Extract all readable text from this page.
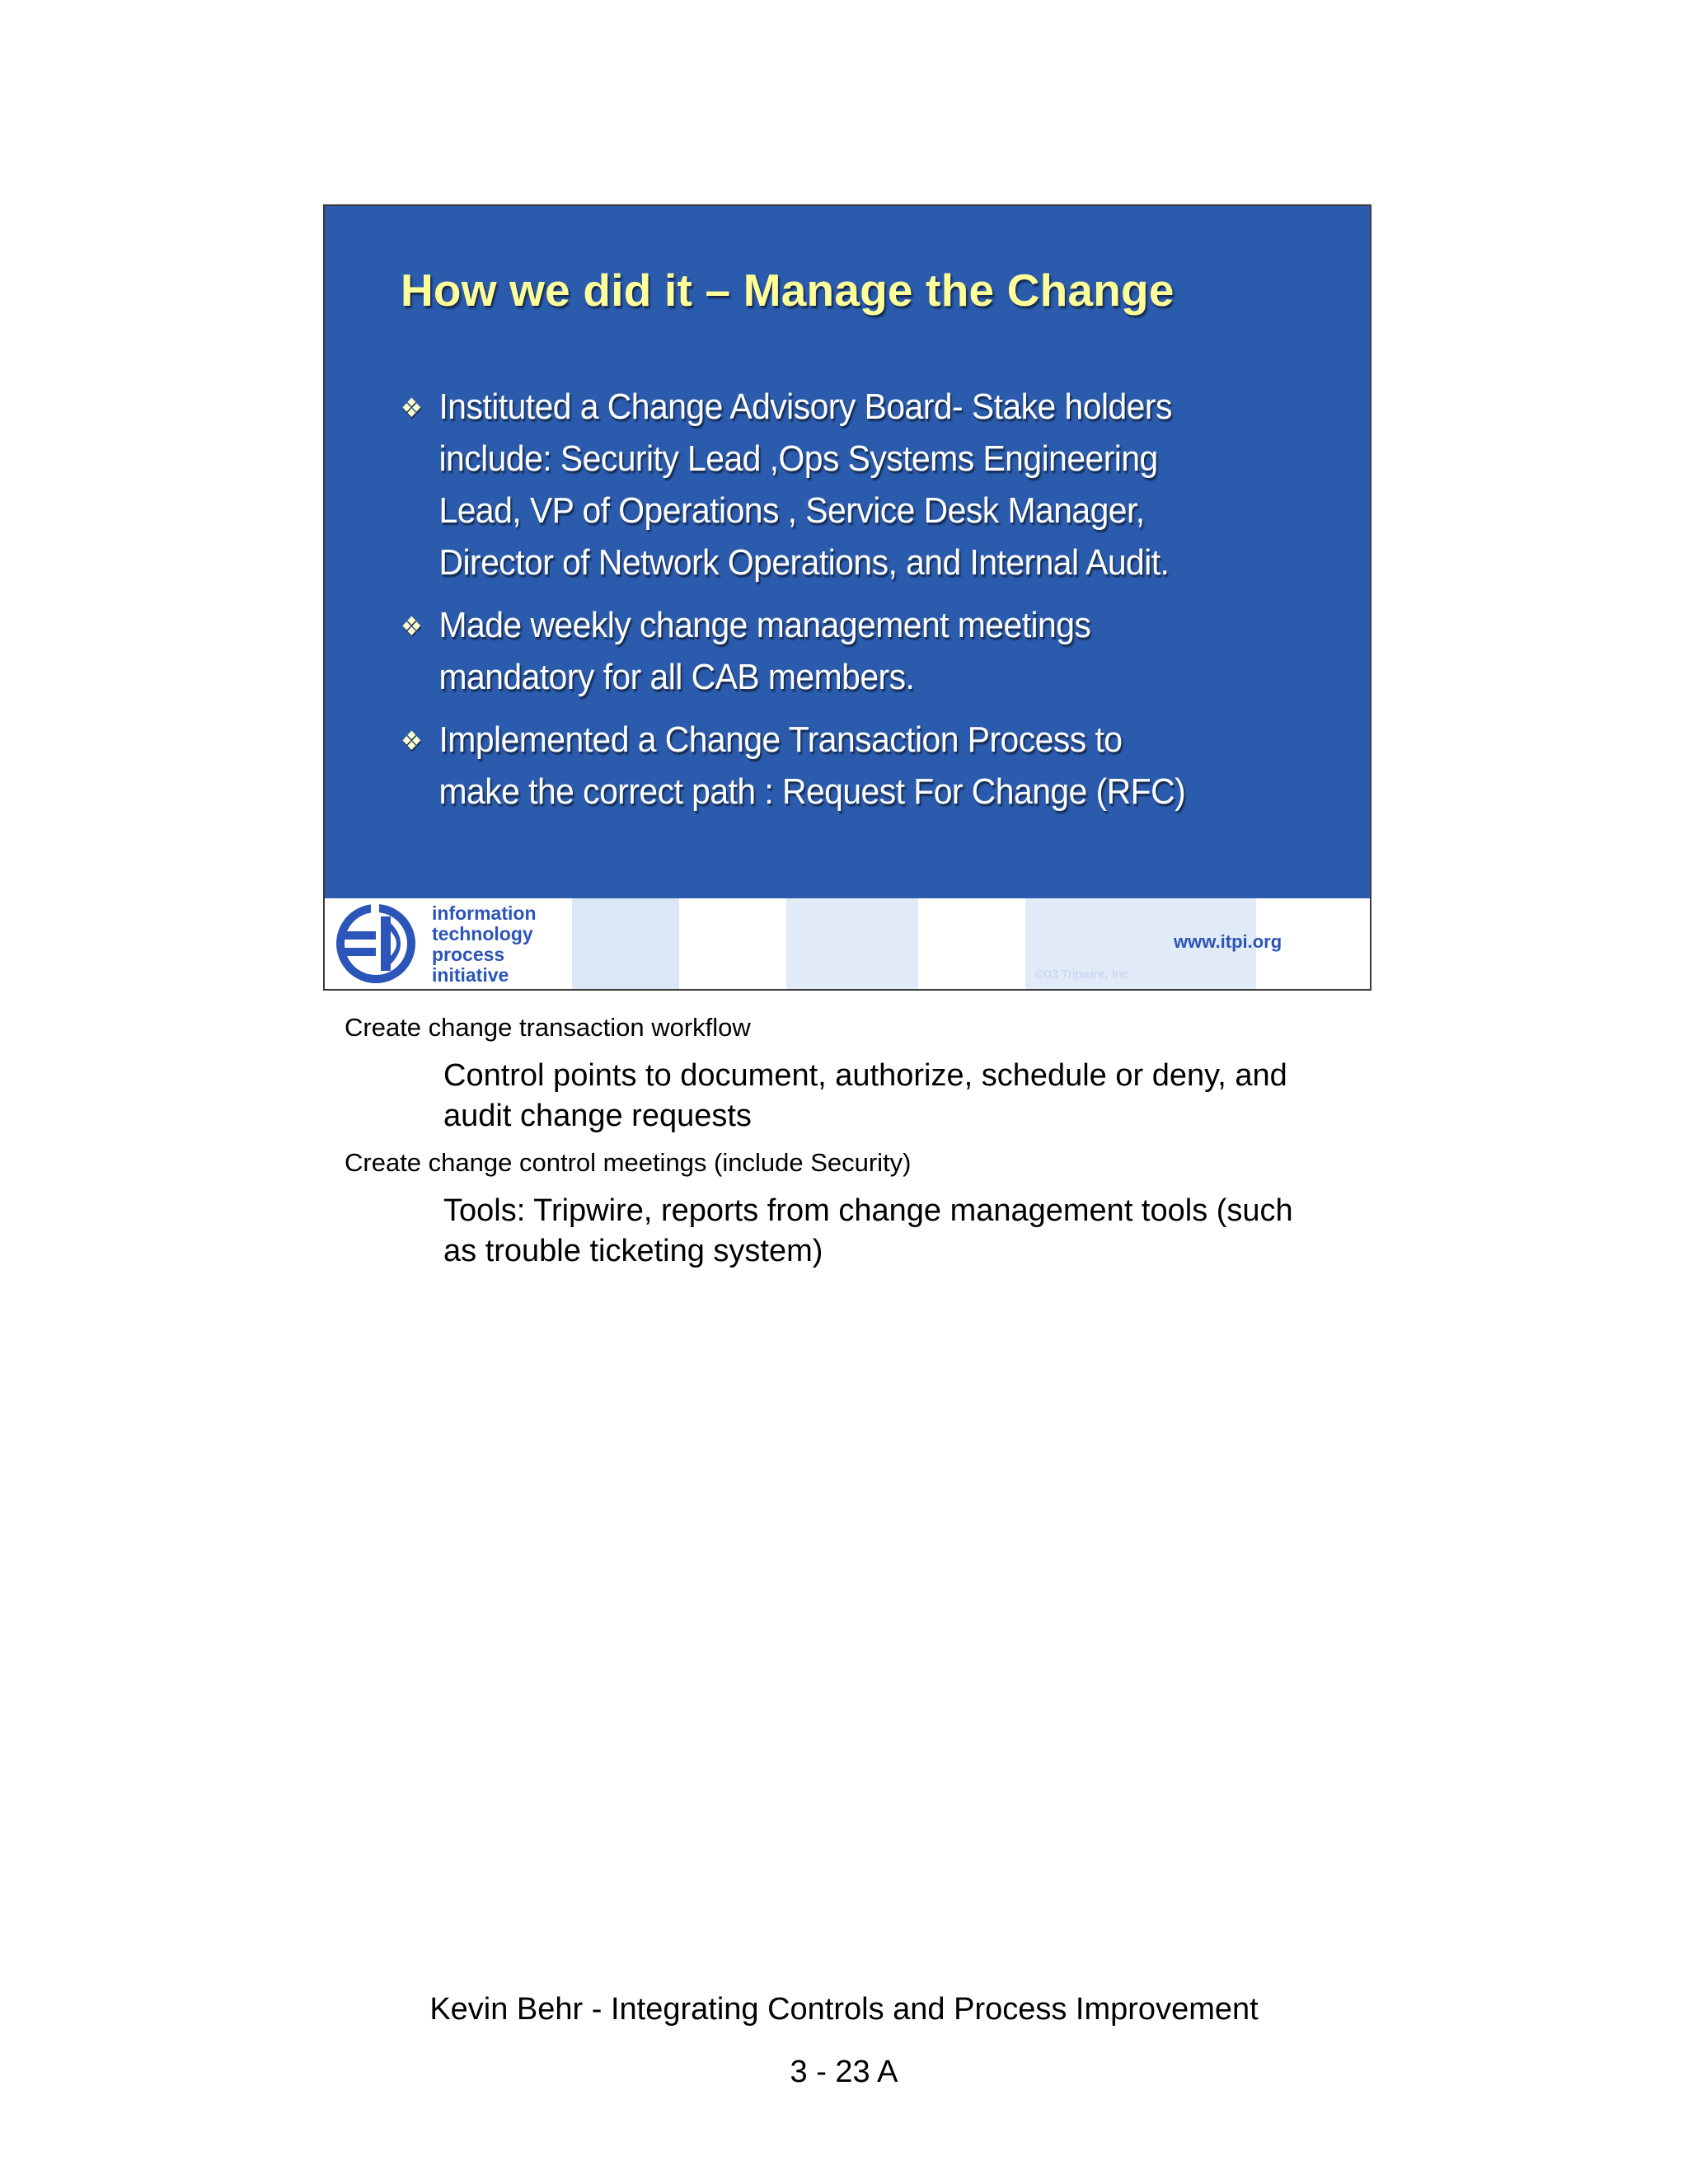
How we did it – Manage the Change
❖ Instituted a Change Advisory Board- Stake holders
include: Security Lead ,Ops Systems Engineering
Lead, VP of Operations , Service Desk Manager,
Director of Network Operations, and Internal Audit.
❖ Made weekly change management meetings
mandatory for all CAB members.
❖ Implemented a Change Transaction Process to
make the correct path : Request For Change (RFC)
information
technology
process
initiative	©03 Tripwire, Inc.
www.itpi.org
Create change transaction workflow
Control points to document, authorize, schedule or deny, and
audit change requests
Create change control meetings (include Security)
Tools: Tripwire, reports from change management tools (such
as trouble ticketing system)
Kevin Behr - Integrating Controls and Process Improvement
3 - 23 A
